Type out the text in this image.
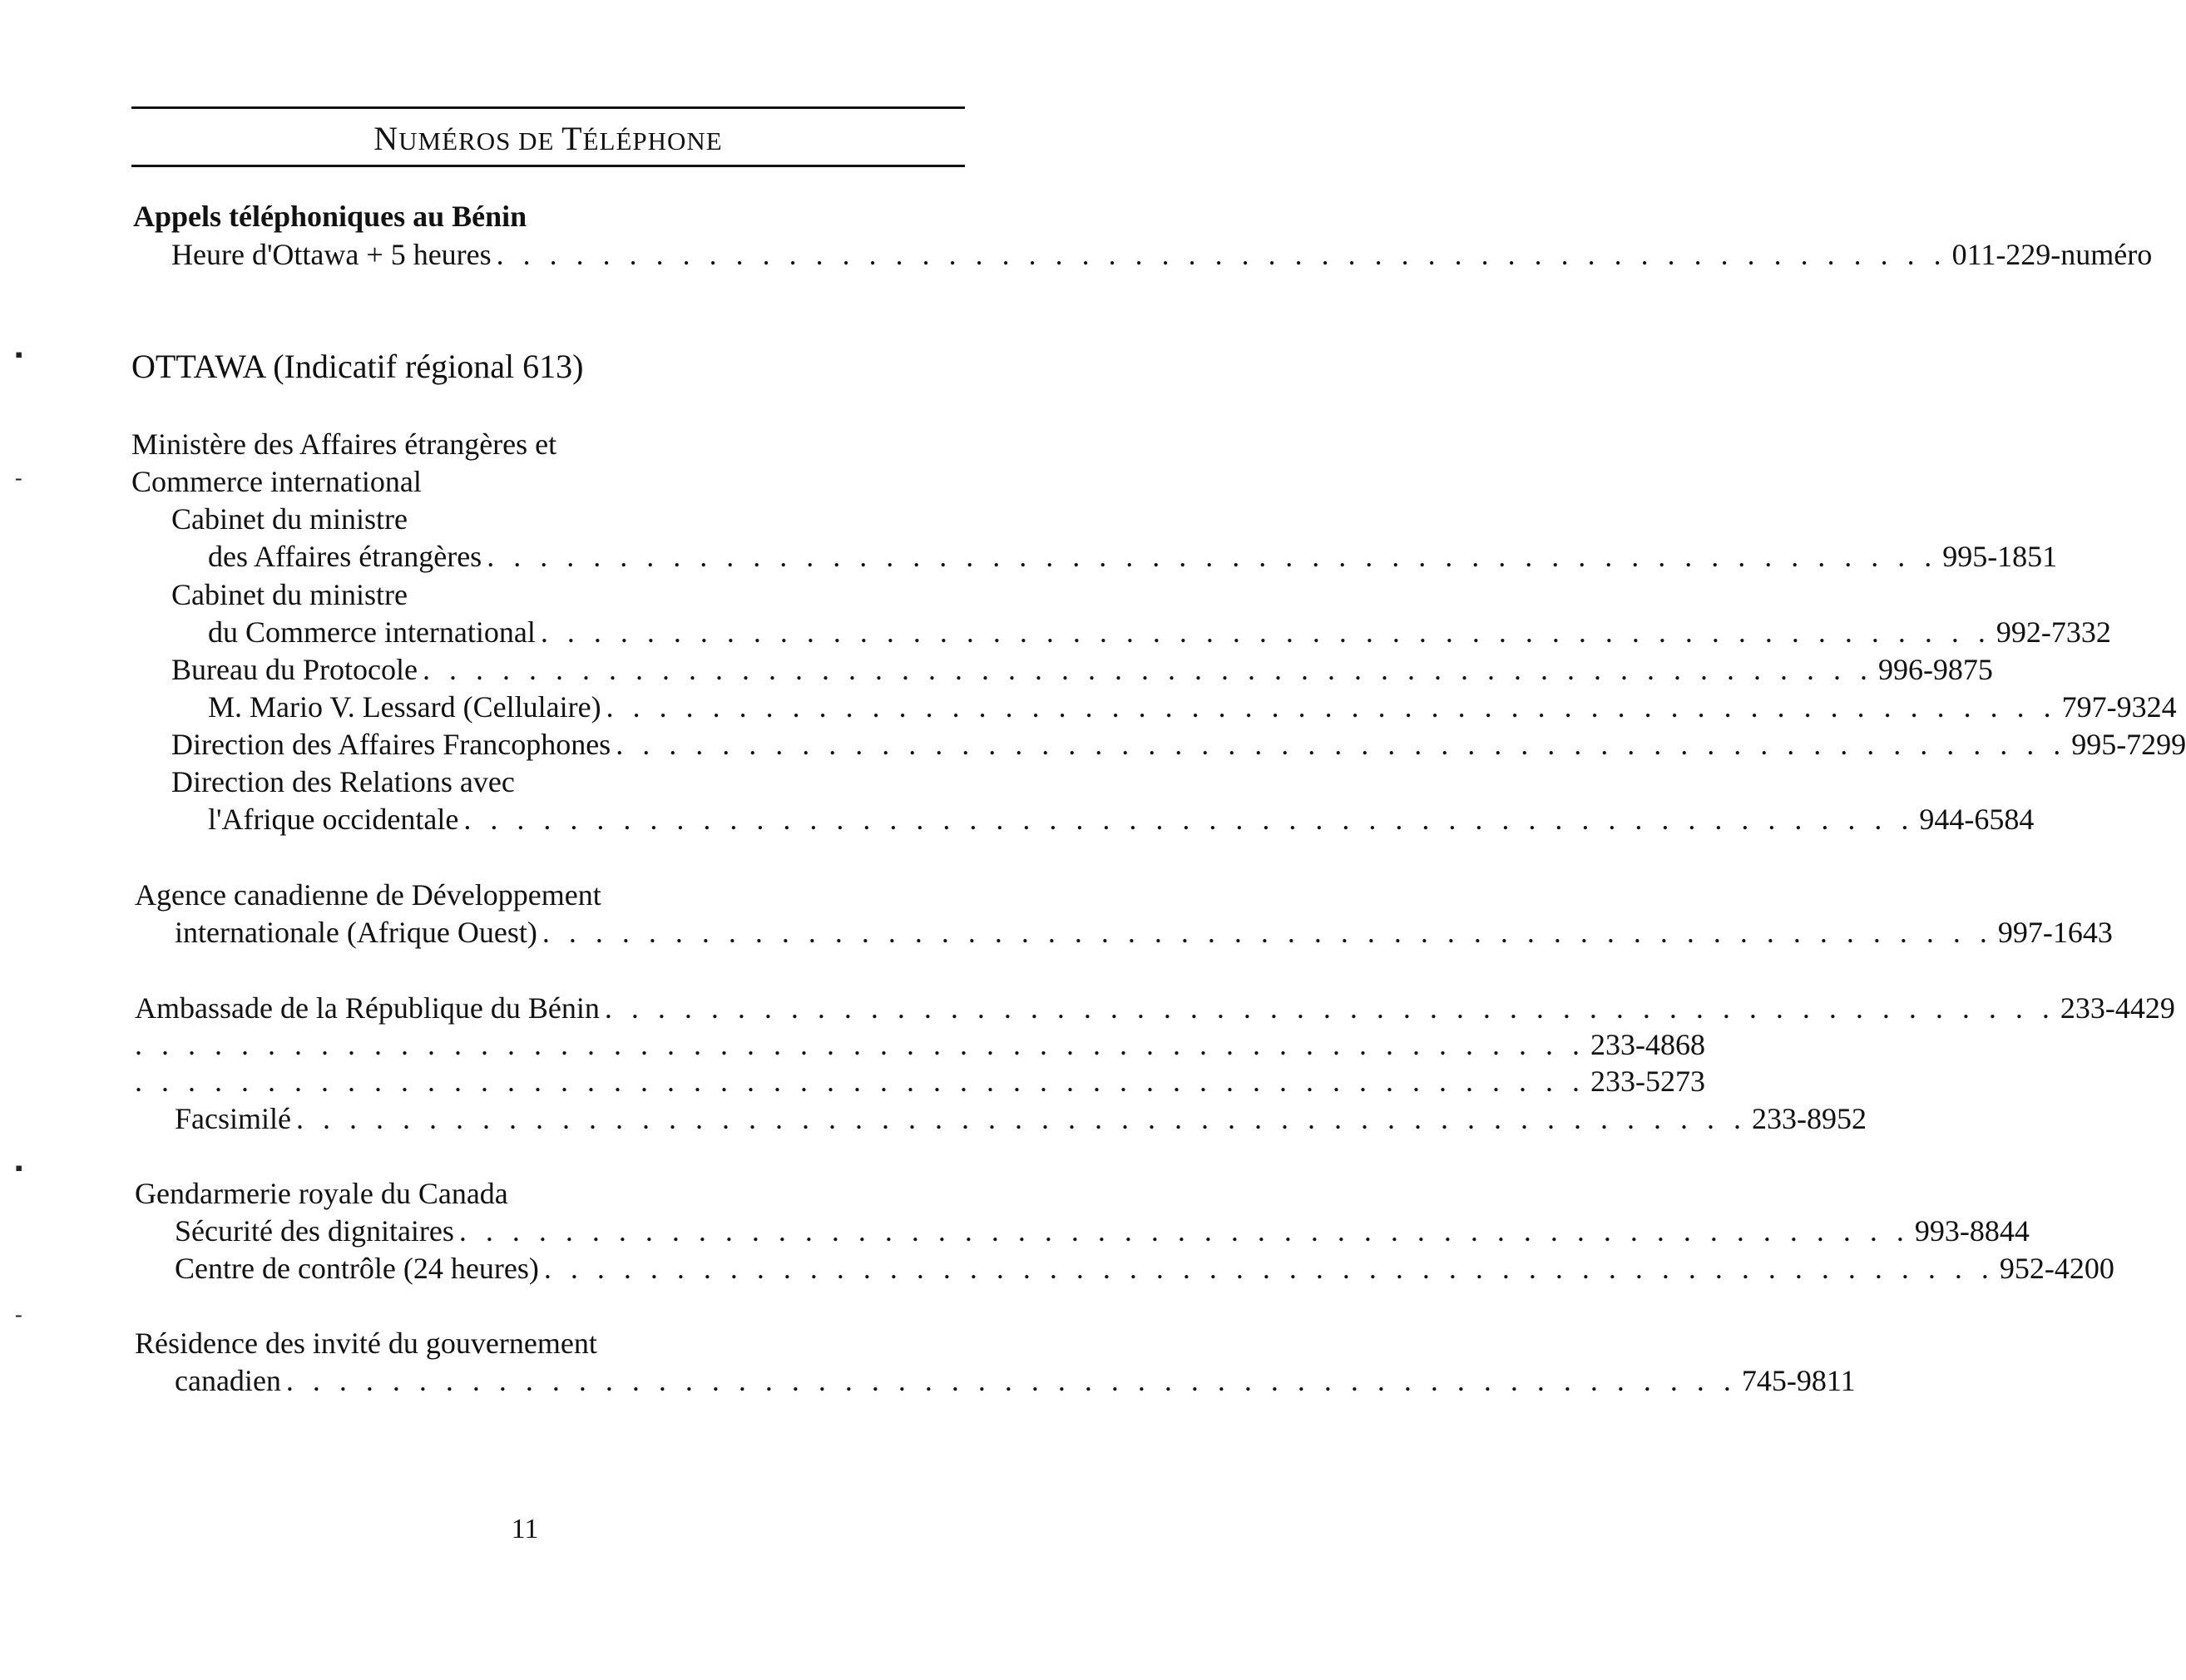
NUMÉROS DE TÉLÉPHONE
Appels téléphoniques au Bénin
Heure d'Ottawa + 5 heures . . . . . . . . . . . . . . . . . . . . . . . . . . . . . . . . . . . . . . . . . . . . . . . . . . . . . . . 011-229-numéro
▪	OTTAWA (Indicatif régional 613)
Ministère des Affaires étrangères et
-	Commerce international
Cabinet du ministre
des Affaires étrangères . . . . . . . . . . . . . . . . . . . . . . . . . . . . . . . . . . . . . . . . . . . . . . . . . . . . . . . 995-1851
Cabinet du ministre
du Commerce international . . . . . . . . . . . . . . . . . . . . . . . . . . . . . . . . . . . . . . . . . . . . . . . . . . . . . . . 992-7332
Bureau du Protocole . . . . . . . . . . . . . . . . . . . . . . . . . . . . . . . . . . . . . . . . . . . . . . . . . . . . . . . 996-9875
M. Mario V. Lessard (Cellulaire) . . . . . . . . . . . . . . . . . . . . . . . . . . . . . . . . . . . . . . . . . . . . . . . . . . . . . . . 797-9324
Direction des Affaires Francophones . . . . . . . . . . . . . . . . . . . . . . . . . . . . . . . . . . . . . . . . . . . . . . . . . . . . . . . 995-7299
Direction des Relations avec
l'Afrique occidentale . . . . . . . . . . . . . . . . . . . . . . . . . . . . . . . . . . . . . . . . . . . . . . . . . . . . . . . 944-6584
Agence canadienne de Développement
internationale (Afrique Ouest) . . . . . . . . . . . . . . . . . . . . . . . . . . . . . . . . . . . . . . . . . . . . . . . . . . . . . . . 997-1643
Ambassade de la République du Bénin . . . . . . . . . . . . . . . . . . . . . . . . . . . . . . . . . . . . . . . . . . . . . . . . . . . . . . . 233-4429
. . . . . . . . . . . . . . . . . . . . . . . . . . . . . . . . . . . . . . . . . . . . . . . . . . . . . . . 233-4868
. . . . . . . . . . . . . . . . . . . . . . . . . . . . . . . . . . . . . . . . . . . . . . . . . . . . . . . 233-5273
Facsimilé . . . . . . . . . . . . . . . . . . . . . . . . . . . . . . . . . . . . . . . . . . . . . . . . . . . . . . . 233-8952
▪
Gendarmerie royale du Canada
Sécurité des dignitaires . . . . . . . . . . . . . . . . . . . . . . . . . . . . . . . . . . . . . . . . . . . . . . . . . . . . . . . 993-8844
Centre de contrôle (24 heures) . . . . . . . . . . . . . . . . . . . . . . . . . . . . . . . . . . . . . . . . . . . . . . . . . . . . . . . 952-4200
-
Résidence des invité du gouvernement
canadien . . . . . . . . . . . . . . . . . . . . . . . . . . . . . . . . . . . . . . . . . . . . . . . . . . . . . . . 745-9811
11
